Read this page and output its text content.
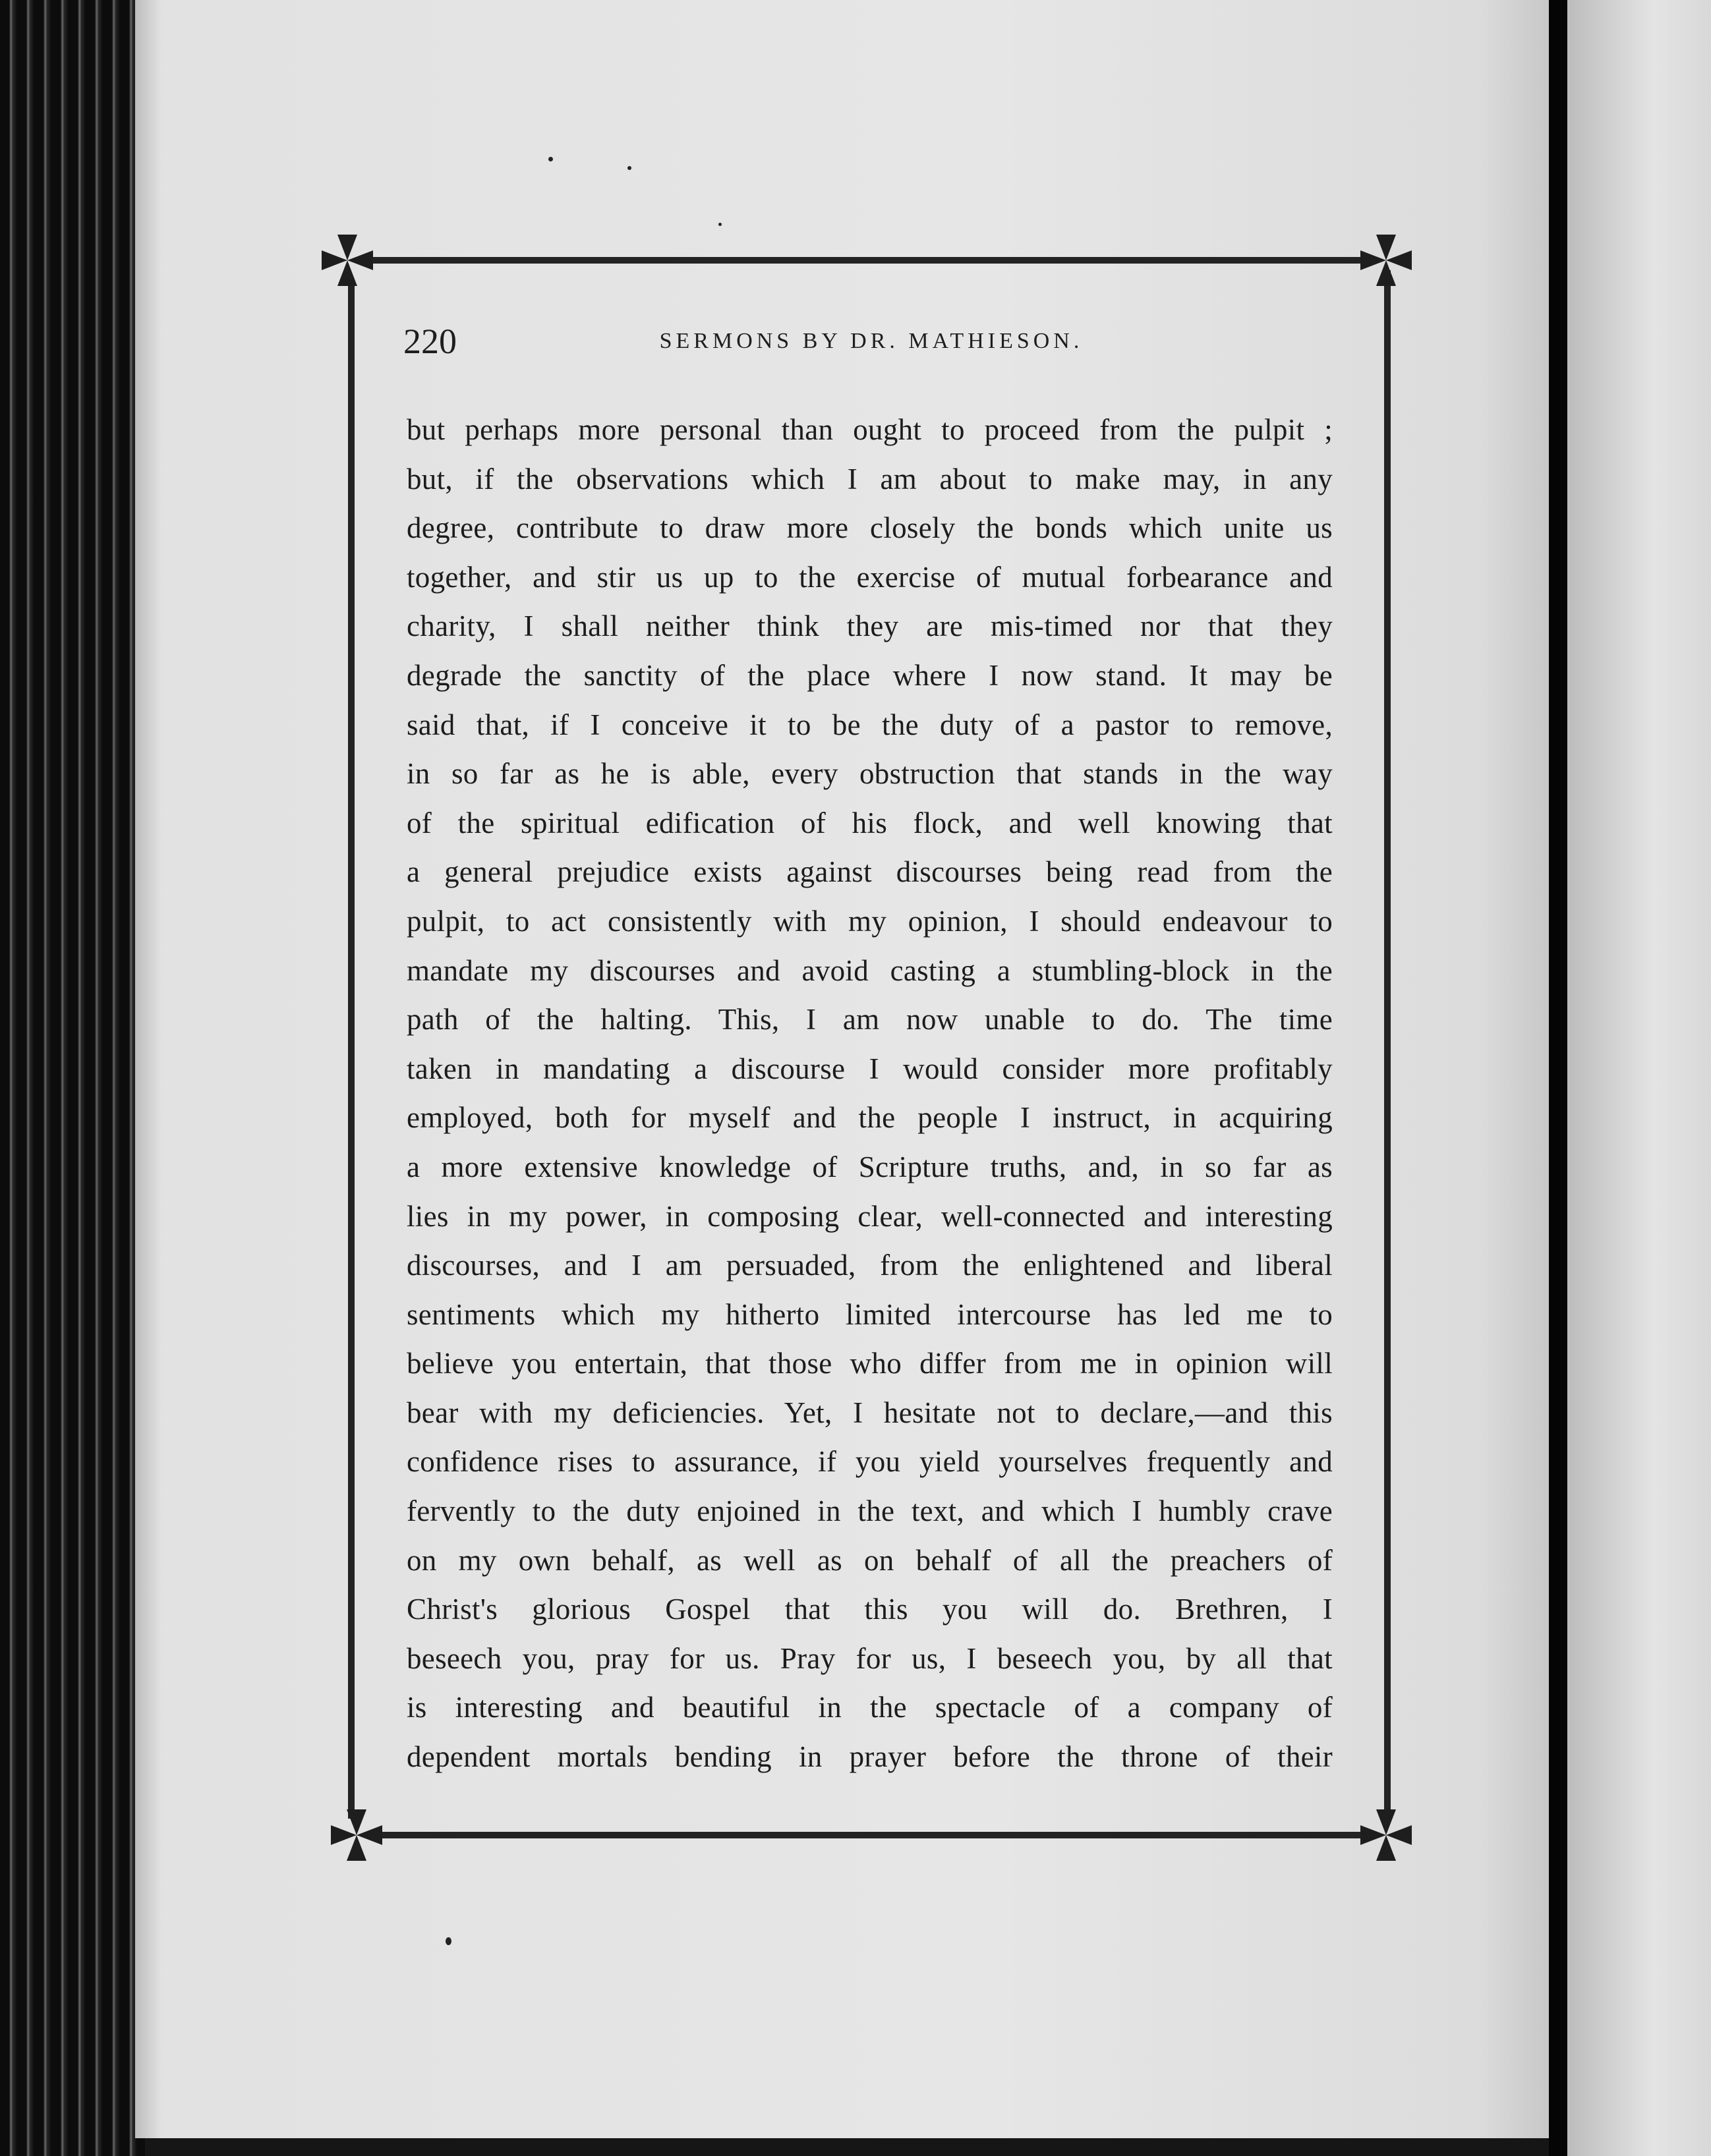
220	SERMONS BY DR. MATHIESON.
but perhaps more personal than ought to proceed from the pulpit ;
but, if the observations which I am about to make may, in any
degree, contribute to draw more closely the bonds which unite us
together, and stir us up to the exercise of mutual forbearance and
charity, I shall neither think they are mis-timed nor that they
degrade the sanctity of the place where I now stand. It may be
said that, if I conceive it to be the duty of a pastor to remove,
in so far as he is able, every obstruction that stands in the way
of the spiritual edification of his flock, and well knowing that
a general prejudice exists against discourses being read from the
pulpit, to act consistently with my opinion, I should endeavour to
mandate my discourses and avoid casting a stumbling-block in the
path of the halting. This, I am now unable to do. The time
taken in mandating a discourse I would consider more profitably
employed, both for myself and the people I instruct, in acquiring
a more extensive knowledge of Scripture truths, and, in so far as
lies in my power, in composing clear, well-connected and interesting
discourses, and I am persuaded, from the enlightened and liberal
sentiments which my hitherto limited intercourse has led me to
believe you entertain, that those who differ from me in opinion will
bear with my deficiencies. Yet, I hesitate not to declare,—and this
confidence rises to assurance, if you yield yourselves frequently and
fervently to the duty enjoined in the text, and which I humbly crave
on my own behalf, as well as on behalf of all the preachers of
Christ's glorious Gospel that this you will do. Brethren, I
beseech you, pray for us. Pray for us, I beseech you, by all that
is interesting and beautiful in the spectacle of a company of
dependent mortals bending in prayer before the throne of their
